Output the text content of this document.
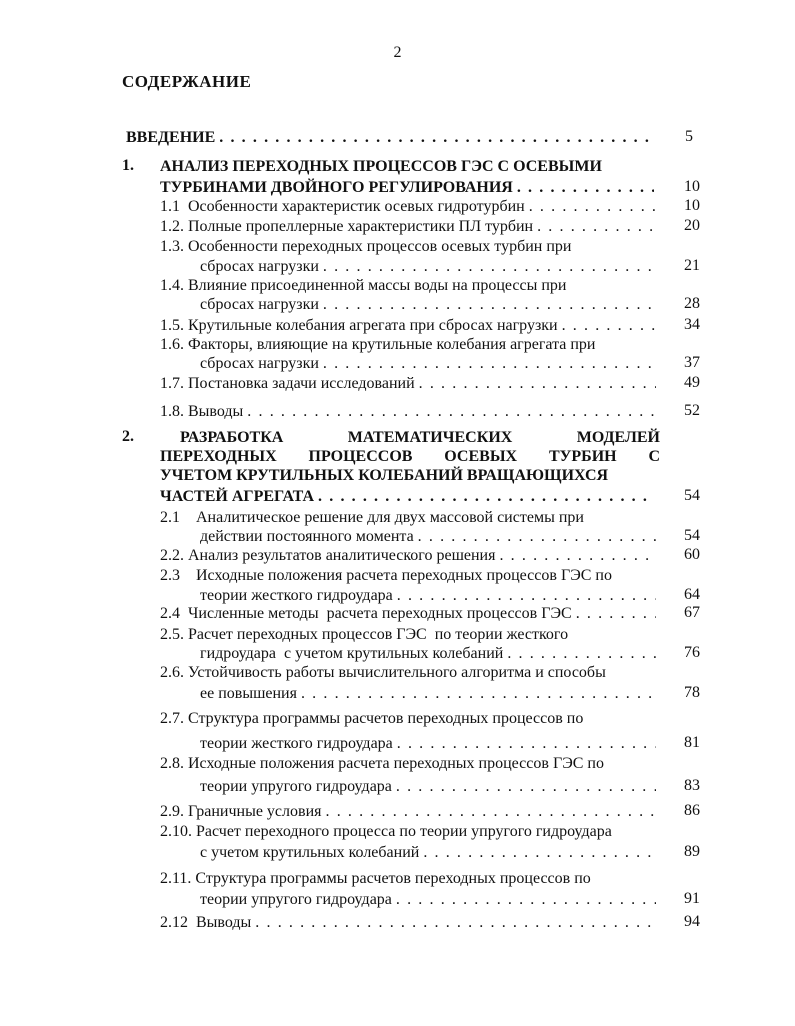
2
СОДЕРЖАНИЕ
ВВЕДЕНИЕ . . .	5
1. АНАЛИЗ ПЕРЕХОДНЫХ ПРОЦЕССОВ ГЭС С ОСЕВЫМИ
ТУРБИНАМИ ДВОЙНОГО РЕГУЛИРОВАНИЯ . . .	10
1.1  Особенности характеристик осевых гидротурбин . . .	10
1.2. Полные пропеллерные характеристики ПЛ турбин . . .	20
1.3. Особенности переходных процессов осевых турбин при
сбросах нагрузки . . .	21
1.4. Влияние присоединенной массы воды на процессы при
сбросах нагрузки . . .	28
1.5. Крутильные колебания агрегата при сбросах нагрузки . . .	34
1.6. Факторы, влияющие на крутильные колебания агрегата при
сбросах нагрузки . . .	37
1.7. Постановка задачи исследований . . .	49
1.8. Выводы . . .	52
2.	РАЗРАБОТКА	МАТЕМАТИЧЕСКИХ	МОДЕЛЕЙ
ПЕРЕХОДНЫХ ПРОЦЕССОВ ОСЕВЫХ ТУРБИН С
УЧЕТОМ КРУТИЛЬНЫХ КОЛЕБАНИЙ ВРАЩАЮЩИХСЯ
ЧАСТЕЙ АГРЕГАТА . . .	54
2.1    Аналитическое решение для двух массовой системы при
действии постоянного момента . . .	54
2.2. Анализ результатов аналитического решения . . .	60
2.3    Исходные положения расчета переходных процессов ГЭС по
теории жесткого гидроудара . . .	64
2.4  Численные методы  расчета переходных процессов ГЭС . . .	67
2.5. Расчет переходных процессов ГЭС  по теории жесткого
гидроудара  с учетом крутильных колебаний . . .	76
2.6. Устойчивость работы вычислительного алгоритма и способы
ее повышения . . .	78
2.7. Структура программы расчетов переходных процессов по
теории жесткого гидроудара . . .	81
2.8. Исходные положения расчета переходных процессов ГЭС по
теории упругого гидроудара . . .	83
2.9. Граничные условия . . .	86
2.10. Расчет переходного процесса по теории упругого гидроудара
с учетом крутильных колебаний . . .	89
2.11. Структура программы расчетов переходных процессов по
теории упругого гидроудара . . .	91
2.12  Выводы . . .	94
